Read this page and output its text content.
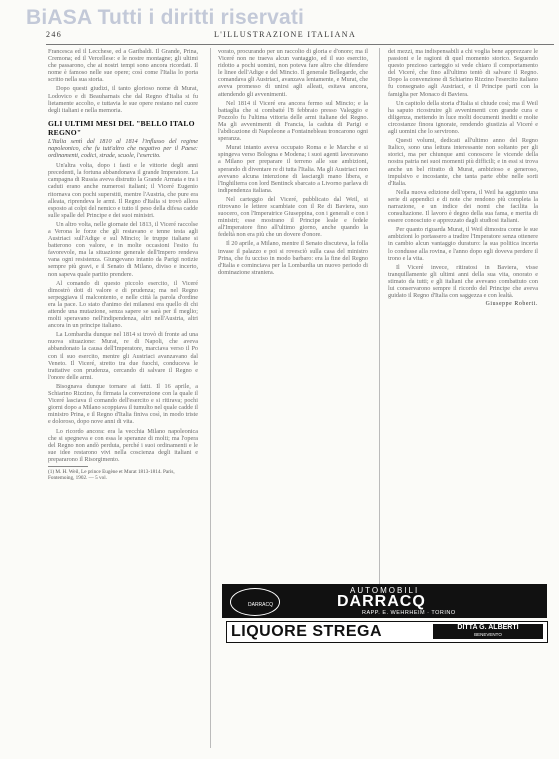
BiASA Tutti i diritti riservati
246	L'ILLUSTRAZIONE ITALIANA

Francesca ed il Lecchese, ed a Garibaldi. Il Grande, Prina, Cremona; ed il Vercellese: e le nostre montagne; gli ultimi che passarono, che ai nostri tempi sono ancora ricordati. Il nome è famoso nelle sue opere; così come l'Italia lo porta scritto nella sua storia.

Dopo questi giudizi, il tanto glorioso nome di Murat, Lodovico e di Beauharnais che dal Regno d'Italia si fu lietamente accolto, e tuttavia le sue opere restano nel cuore degli italiani e nella memoria.

GLI ULTIMI MESI DEL "BELLO ITALO REGNO"
L'Italia sentì dal 1810 al 1814 l'influsso del regime napoleonico, che fu tutt'altro che negativo per il Paese: ordinamenti, codici, strade, scuole, l'esercito.

Un'altra volta, dopo i fasti e le vittorie degli anni precedenti, la fortuna abbandonava il grande Imperatore. La campagna di Russia aveva distrutto la Grande Armata e tra i caduti erano anche numerosi italiani; il Viceré Eugenio ritornava con pochi superstiti, mentre l'Austria, che pure era alleata, riprendeva le armi. Il Regno d'Italia si trovò allora esposto ai colpi del nemico e tutto il peso della difesa cadde sulle spalle del Principe e dei suoi ministri.

Un altro volta, nelle giornate del 1813, il Viceré raccolse a Verona le forze che gli restavano e tenne testa agli Austriaci sull'Adige e sul Mincio; le truppe italiane si batterono con valore, e in molte occasioni l'esito fu favorevole, ma la situazione generale dell'Impero rendeva vana ogni resistenza. Giungevano intanto da Parigi notizie sempre più gravi, e il Senato di Milano, diviso e incerto, non sapeva quale partito prendere.

Al comando di questo piccolo esercito, il Viceré dimostrò doti di valore e di prudenza; ma nel Regno serpeggiava il malcontento, e nelle città la parola d'ordine era la pace. Lo stato d'animo dei milanesi era quello di chi attende una mutazione, senza sapere se sarà per il meglio; molti speravano nell'indipendenza, altri nell'Austria, altri ancora in un principe italiano.

La Lombardia dunque nel 1814 si trovò di fronte ad una nuova situazione: Murat, re di Napoli, che aveva abbandonato la causa dell'Imperatore, marciava verso il Po con il suo esercito, mentre gli Austriaci avanzavano dal Veneto. Il Viceré, stretto tra due fuochi, conduceva le trattative con prudenza, cercando di salvare il Regno e l'onore delle armi.

Bisognava dunque tornare ai fatti. Il 16 aprile, a Schiarino Rizzino, fu firmata la convenzione con la quale il Viceré lasciava il comando dell'esercito e si ritirava; pochi giorni dopo a Milano scoppiava il tumulto nel quale cadde il ministro Prina, e il Regno d'Italia finiva così, in modo triste e doloroso, dopo nove anni di vita.

Lo ricordo ancora: era la vecchia Milano napoleonica che si spegneva e con essa le speranze di molti; ma l'opera del Regno non andò perduta, perché i suoi ordinamenti e le sue idee restarono vivi nella coscienza degli italiani e prepararono il Risorgimento.

(1) M. H. Weil, Le prince Eugène et Murat 1813-1814. Paris, Fontemoing, 1902. — 5 vol.

vorato, procurando per un raccolto di gloria e d'onore; ma il Viceré non ne traeva alcun vantaggio, ed il suo esercito, ridotto a pochi uomini, non poteva fare altro che difendere le linee dell'Adige e del Mincio. Il generale Bellegarde, che comandava gli Austriaci, avanzava lentamente, e Murat, che aveva promesso di unirsi agli alleati, esitava ancora, attendendo gli avvenimenti.

Nel 1814 il Viceré era ancora fermo sul Mincio; e la battaglia che si combatté l'8 febbraio presso Valeggio e Pozzolo fu l'ultima vittoria delle armi italiane del Regno. Ma gli avvenimenti di Francia, la caduta di Parigi e l'abdicazione di Napoleone a Fontainebleau troncarono ogni speranza.

Murat intanto aveva occupato Roma e le Marche e si spingeva verso Bologna e Modena; i suoi agenti lavoravano a Milano per preparare il terreno alle sue ambizioni, sperando di diventare re di tutta l'Italia. Ma gli Austriaci non avevano alcuna intenzione di lasciargli mano libera, e l'Inghilterra con lord Bentinck sbarcato a Livorno parlava di indipendenza italiana.

Nel carteggio del Viceré, pubblicato dal Weil, si ritrovano le lettere scambiate con il Re di Baviera, suo suocero, con l'Imperatrice Giuseppina, con i generali e con i ministri; esse mostrano il Principe leale e fedele all'Imperatore fino all'ultimo giorno, anche quando la fedeltà non era più che un dovere d'onore.

Il 20 aprile, a Milano, mentre il Senato discuteva, la folla invase il palazzo e poi si rovesciò sulla casa del ministro Prina, che fu ucciso in modo barbaro: era la fine del Regno d'Italia e cominciava per la Lombardia un nuovo periodo di dominazione straniera.

dei mezzi, ma indispensabili a chi voglia bene apprezzare le passioni e le ragioni di quel momento storico. Seguendo questo prezioso carteggio si vede chiaro il comportamento del Viceré, che fino all'ultimo tentò di salvare il Regno. Dopo la convenzione di Schiarino Rizzino l'esercito italiano fu consegnato agli Austriaci, e il Principe partì con la famiglia per Monaco di Baviera.

Un capitolo della storia d'Italia si chiude così; ma il Weil ha saputo ricostruire gli avvenimenti con grande cura e diligenza, mettendo in luce molti documenti inediti e molte circostanze finora ignorate, rendendo giustizia al Viceré e agli uomini che lo servirono.

Questi volumi, dedicati all'ultimo anno del Regno Italico, sono una lettura interessante non soltanto per gli storici, ma per chiunque ami conoscere le vicende della nostra patria nei suoi momenti più difficili; e in essi si trova anche un bel ritratto di Murat, ambizioso e generoso, impulsivo e incostante, che tanta parte ebbe nelle sorti d'Italia.

Nella nuova edizione dell'opera, il Weil ha aggiunto una serie di appendici e di note che rendono più completa la narrazione, e un indice dei nomi che facilita la consultazione. Il lavoro è degno della sua fama, e merita di essere conosciuto e apprezzato dagli studiosi italiani.

Per quanto riguarda Murat, il Weil dimostra come le sue ambizioni lo portassero a tradire l'Imperatore senza ottenere in cambio alcun vantaggio duraturo: la sua politica incerta lo condusse alla rovina, e l'anno dopo egli doveva perdere il trono e la vita.

Il Viceré invece, ritiratosi in Baviera, visse tranquillamente gli ultimi anni della sua vita, onorato e stimato da tutti; e gli italiani che avevano combattuto con lui conservarono sempre il ricordo del Principe che aveva guidato il Regno d'Italia con saggezza e con lealtà.

Giuseppe Roberti.
DARRACQ
AUTOMOBILI
DARRACQ
RAPP. E. WEHRHEIM · TORINO
LIQUORE STREGA	DITTA G. ALBERTI
BENEVENTO
